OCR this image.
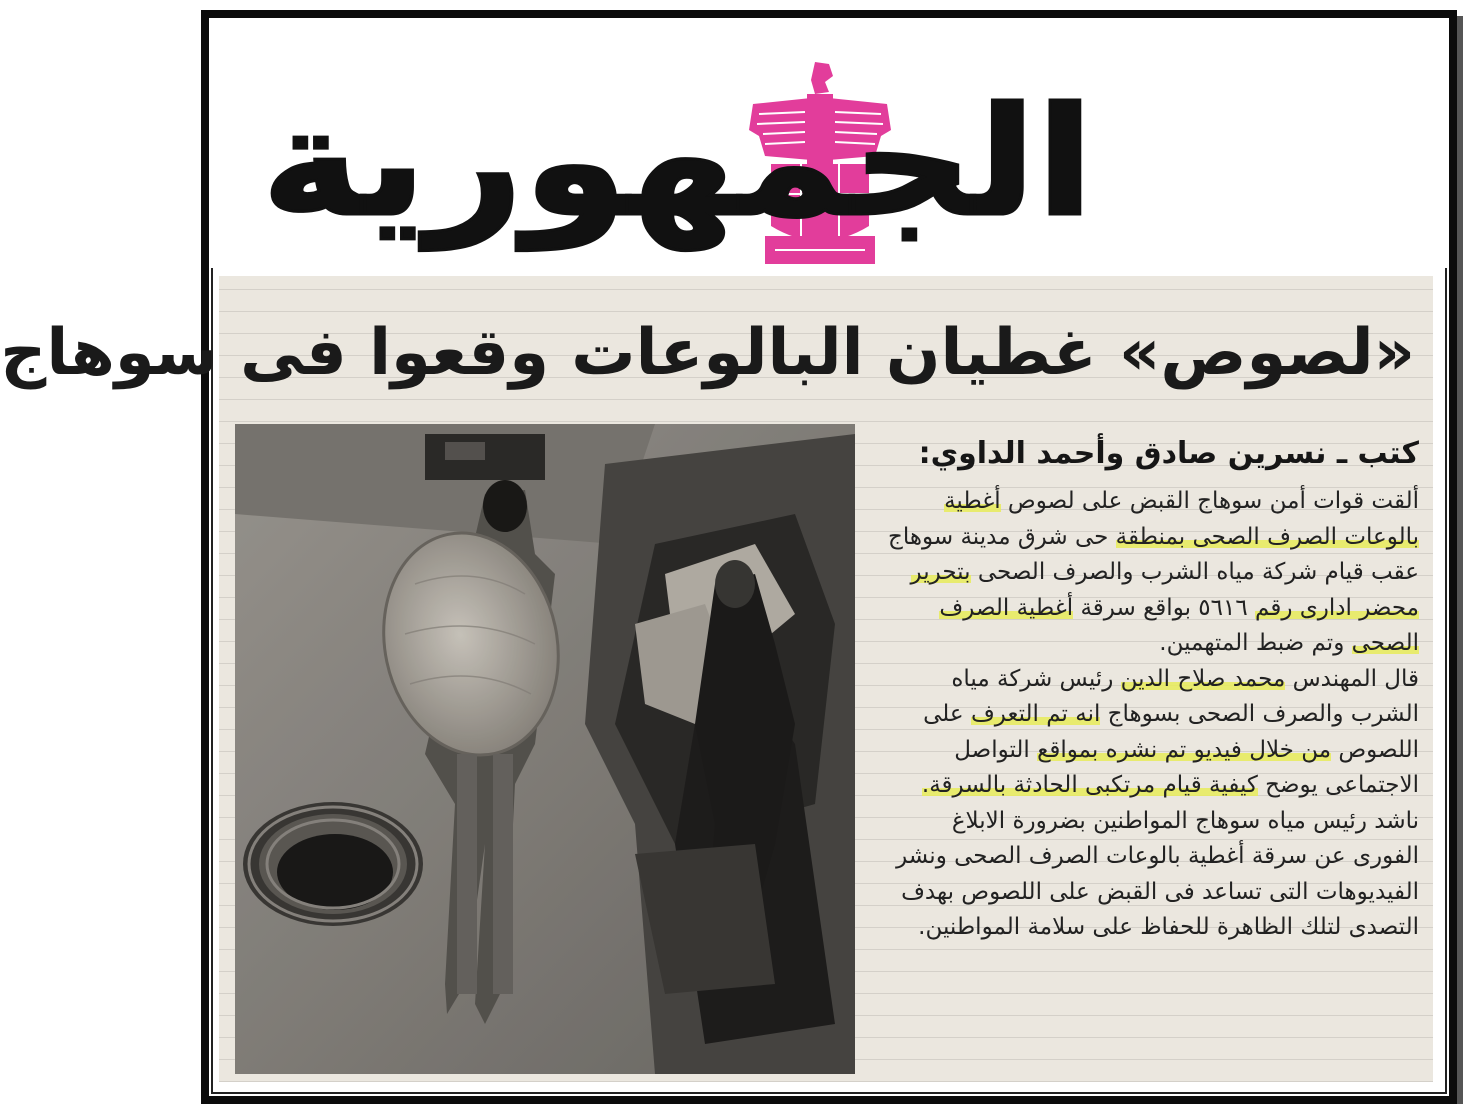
الجمهورية
«لصوص» غطيان البالوعات وقعوا فى سوهاج

كتب ـ نسرين صادق وأحمد الداوي:

ألقت قوات أمن سوهاج القبض على لصوص أغطية بالوعات الصرف الصحى بمنطقة حى شرق مدينة سوهاج عقب قيام شركة مياه الشرب والصرف الصحى بتحرير محضر ادارى رقم ٥٦١٦ بواقع سرقة أغطية الصرف الصحى وتم ضبط المتهمين.

قال المهندس محمد صلاح الدين رئيس شركة مياه الشرب والصرف الصحى بسوهاج انه تم التعرف على اللصوص من خلال فيديو تم نشره بمواقع التواصل الاجتماعى يوضح كيفية قيام مرتكبى الحادثة بالسرقة.

ناشد رئيس مياه سوهاج المواطنين بضرورة الابلاغ الفورى عن سرقة أغطية بالوعات الصرف الصحى ونشر الفيديوهات التى تساعد فى القبض على اللصوص بهدف التصدى لتلك الظاهرة للحفاظ على سلامة المواطنين.
